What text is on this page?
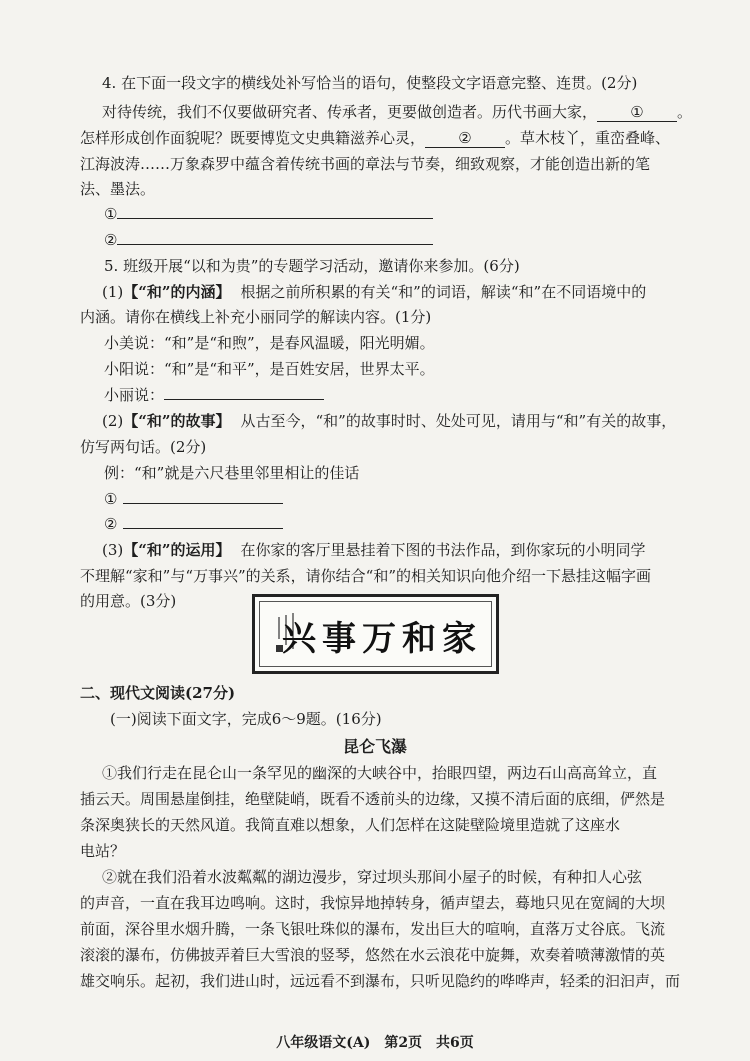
4. 在下面一段文字的横线处补写恰当的语句，使整段文字语意完整、连贯。(2分)
对待传统，我们不仅要做研究者、传承者，更要做创造者。历代书画大家， ① 。
怎样形成创作面貌呢？既要博览文史典籍滋养心灵， ② 。草木枝丫，重峦叠峰、
江海波涛……万象森罗中蕴含着传统书画的章法与节奏，细致观察，才能创造出新的笔
法、墨法。
①
②
5. 班级开展“以和为贵”的专题学习活动，邀请你来参加。(6分)
(1)【“和”的内涵】 根据之前所积累的有关“和”的词语，解读“和”在不同语境中的
内涵。请你在横线上补充小丽同学的解读内容。(1分)
小美说：“和”是“和煦”，是春风温暖，阳光明媚。
小阳说：“和”是“和平”，是百姓安居，世界太平。
小丽说：
(2)【“和”的故事】 从古至今，“和”的故事时时、处处可见，请用与“和”有关的故事，
仿写两句话。(2分)
例：“和”就是六尺巷里邻里相让的佳话
①
②
(3)【“和”的运用】 在你家的客厅里悬挂着下图的书法作品，到你家玩的小明同学
不理解“家和”与“万事兴”的关系，请你结合“和”的相关知识向他介绍一下悬挂这幅字画
的用意。(3分)
家和万事兴
二、现代文阅读(27分)
(一)阅读下面文字，完成6～9题。(16分)
昆仑飞瀑
①我们行走在昆仑山一条罕见的幽深的大峡谷中，抬眼四望，两边石山高高耸立，直
插云天。周围悬崖倒挂，绝壁陡峭，既看不透前头的边缘，又摸不清后面的底细，俨然是
条深奥狭长的天然风道。我简直难以想象，人们怎样在这陡壁险境里造就了这座水
电站？
②就在我们沿着水波粼粼的湖边漫步，穿过坝头那间小屋子的时候，有种扣人心弦
的声音，一直在我耳边鸣响。这时，我惊异地掉转身，循声望去，蓦地只见在宽阔的大坝
前面，深谷里水烟升腾，一条飞银吐珠似的瀑布，发出巨大的喧响，直落万丈谷底。飞流
滚滚的瀑布，仿佛披弄着巨大雪浪的竖琴，悠然在水云浪花中旋舞，欢奏着喷薄激情的英
雄交响乐。起初，我们进山时，远远看不到瀑布，只听见隐约的哗哗声，轻柔的汩汩声，而
八年级语文(A)　第2页　共6页
